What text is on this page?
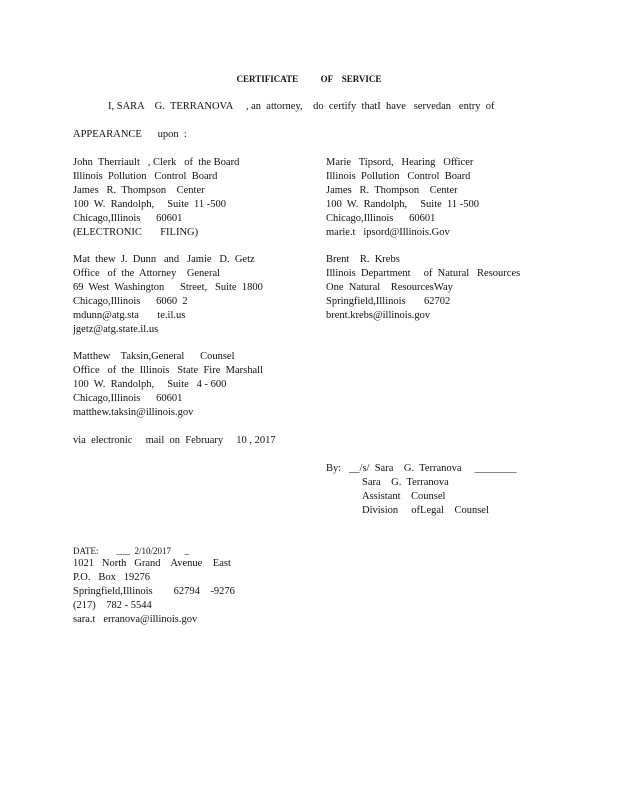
CERTIFICATE          OF    SERVICE
I, SARA    G.  TERRANOVA     , an  attorney,    do  certify  thatI  have   servedan   entry  of
APPEARANCE      upon  :
John  Therriault   , Clerk   of  the Board
Illinois  Pollution   Control  Board
James   R.  Thompson    Center
100  W.  Randolph,     Suite  11 -500
Chicago,Illinois      60601
(ELECTRONIC       FILING)
Marie   Tipsord,   Hearing   Officer
Illinois  Pollution   Control  Board
James   R.  Thompson    Center
100  W.  Randolph,     Suite  11 -500
Chicago,Illinois      60601
marie.t   ipsord@Illinois.Gov
Mat  thew  J.  Dunn   and   Jamie   D.  Getz
Office   of  the  Attorney    General
69  West  Washington      Street,   Suite  1800
Chicago,Illinois      6060  2
mdunn@atg.sta       te.il.us
jgetz@atg.state.il.us
Brent    R.  Krebs
Illinois  Department     of  Natural   Resources
One  Natural    ResourcesWay
Springfield,Illinois       62702
brent.krebs@illinois.gov
Matthew    Taksin,General      Counsel
Office   of  the  Illinois   State  Fire  Marshall
100  W.  Randolph,     Suite   4 - 600
Chicago,Illinois      60601
matthew.taksin@illinois.gov
via  electronic     mail  on  February     10 , 2017
By:   __/s/  Sara    G.  Terranova     ________
Sara    G.  Terranova
Assistant    Counsel
Division     ofLegal    Counsel
DATE:        ___  2/10/2017      _
1021   North   Grand    Avenue    East
P.O.   Box   19276
Springfield,Illinois        62794    -9276
(217)    782 - 5544
sara.t   erranova@illinois.gov
